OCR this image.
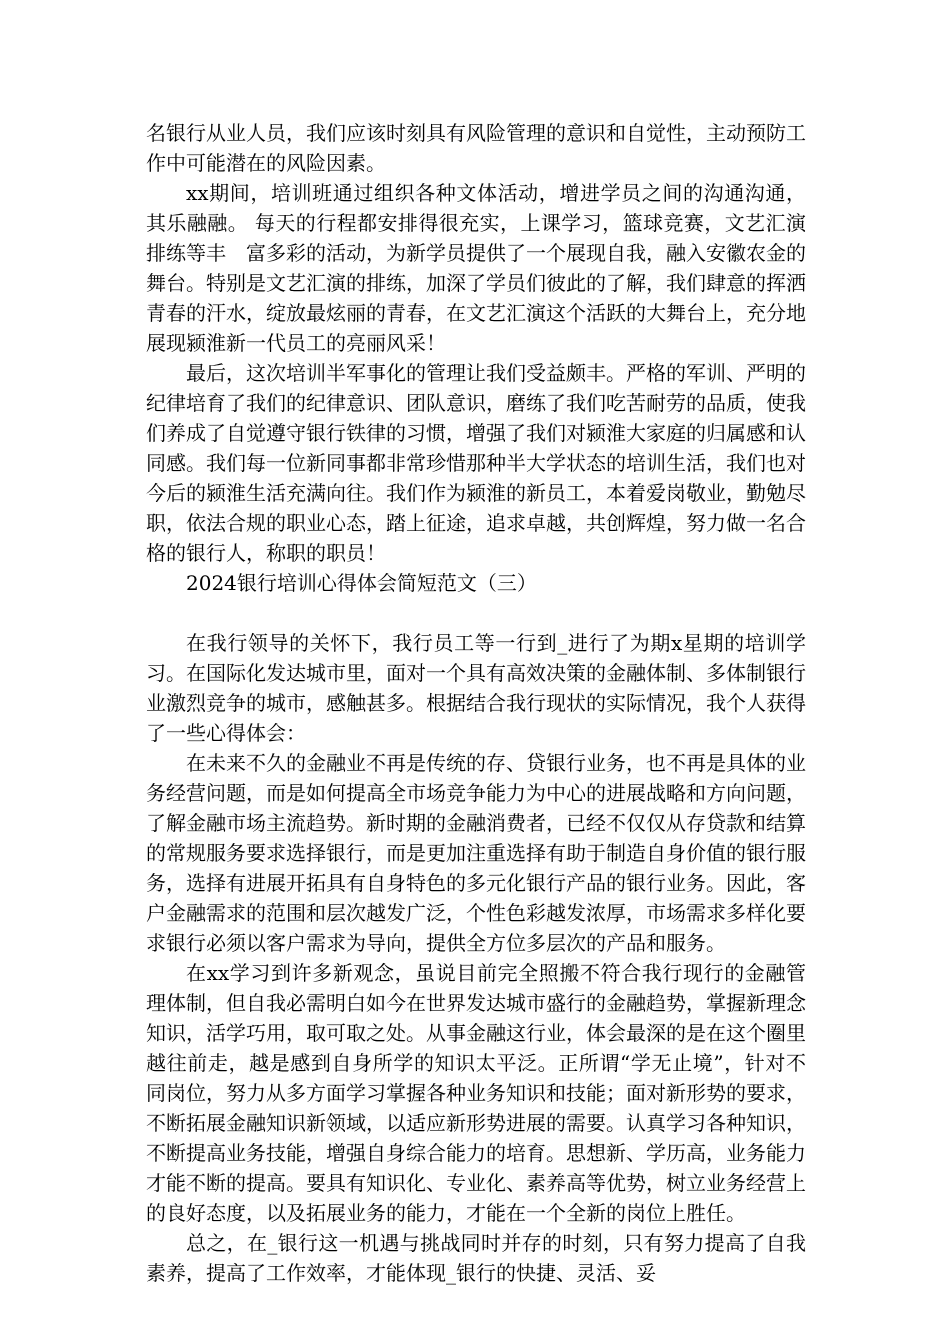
名银行从业人员，我们应该时刻具有风险管理的意识和自觉性，主动预防工作中可能潜在的风险因素。

xx期间，培训班通过组织各种文体活动，增进学员之间的沟通沟通，其乐融融。 每天的行程都安排得很充实，上课学习，篮球竞赛，文艺汇演排练等丰　富多彩的活动，为新学员提供了一个展现自我，融入安徽农金的舞台。特别是文艺汇演的排练，加深了学员们彼此的了解，我们肆意的挥洒青春的汗水，绽放最炫丽的青春，在文艺汇演这个活跃的大舞台上，充分地展现颍淮新一代员工的亮丽风采！

最后，这次培训半军事化的管理让我们受益颇丰。严格的军训、严明的纪律培育了我们的纪律意识、团队意识，磨练了我们吃苦耐劳的品质，使我们养成了自觉遵守银行铁律的习惯，增强了我们对颍淮大家庭的归属感和认同感。我们每一位新同事都非常珍惜那种半大学状态的培训生活，我们也对今后的颍淮生活充满向往。我们作为颍淮的新员工，本着爱岗敬业，勤勉尽职，依法合规的职业心态，踏上征途，追求卓越，共创辉煌，努力做一名合格的银行人，称职的职员！

2024银行培训心得体会简短范文（三）

在我行领导的关怀下，我行员工等一行到_进行了为期x星期的培训学习。在国际化发达城市里，面对一个具有高效决策的金融体制、多体制银行业激烈竞争的城市，感触甚多。根据结合我行现状的实际情况，我个人获得了一些心得体会：

在未来不久的金融业不再是传统的存、贷银行业务，也不再是具体的业务经营问题，而是如何提高全市场竞争能力为中心的进展战略和方向问题，了解金融市场主流趋势。新时期的金融消费者，已经不仅仅从存贷款和结算的常规服务要求选择银行，而是更加注重选择有助于制造自身价值的银行服务，选择有进展开拓具有自身特色的多元化银行产品的银行业务。因此，客户金融需求的范围和层次越发广泛，个性色彩越发浓厚，市场需求多样化要求银行必须以客户需求为导向，提供全方位多层次的产品和服务。

在xx学习到许多新观念，虽说目前完全照搬不符合我行现行的金融管理体制，但自我必需明白如今在世界发达城市盛行的金融趋势，掌握新理念知识，活学巧用，取可取之处。从事金融这行业，体会最深的是在这个圈里越往前走，越是感到自身所学的知识太平泛。正所谓“学无止境”，针对不同岗位，努力从多方面学习掌握各种业务知识和技能；面对新形势的要求，不断拓展金融知识新领域，以适应新形势进展的需要。认真学习各种知识，不断提高业务技能，增强自身综合能力的培育。思想新、学历高，业务能力才能不断的提高。要具有知识化、专业化、素养高等优势，树立业务经营上的良好态度，以及拓展业务的能力，才能在一个全新的岗位上胜任。

总之，在_银行这一机遇与挑战同时并存的时刻，只有努力提高了自我素养，提高了工作效率，才能体现_银行的快捷、灵活、妥
